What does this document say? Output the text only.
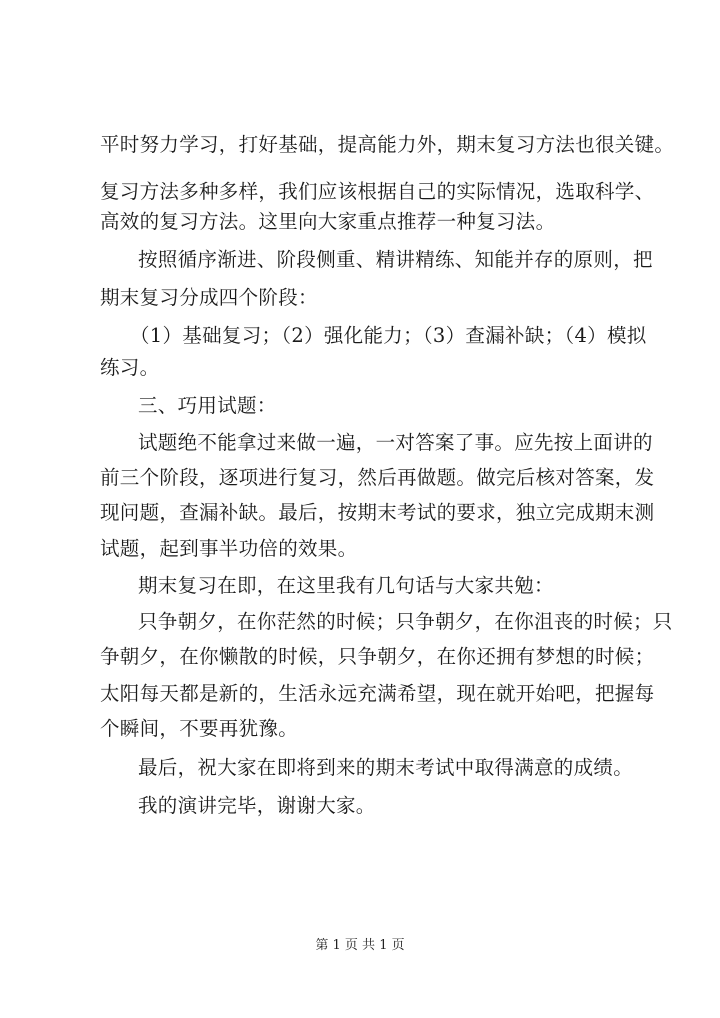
平时努力学习，打好基础，提高能力外，期末复习方法也很关键。
复习方法多种多样，我们应该根据自己的实际情况，选取科学、
高效的复习方法。这里向大家重点推荐一种复习法。
按照循序渐进、阶段侧重、精讲精练、知能并存的原则，把
期末复习分成四个阶段：
（1）基础复习；（2）强化能力；（3）查漏补缺；（4）模拟
练习。
三、巧用试题：
试题绝不能拿过来做一遍，一对答案了事。应先按上面讲的
前三个阶段，逐项进行复习，然后再做题。做完后核对答案，发
现问题，查漏补缺。最后，按期末考试的要求，独立完成期末测
试题，起到事半功倍的效果。
期末复习在即，在这里我有几句话与大家共勉：
只争朝夕，在你茫然的时候；只争朝夕，在你沮丧的时候；只
争朝夕，在你懒散的时候，只争朝夕，在你还拥有梦想的时候；
太阳每天都是新的，生活永远充满希望，现在就开始吧，把握每
个瞬间，不要再犹豫。
最后，祝大家在即将到来的期末考试中取得满意的成绩。
我的演讲完毕，谢谢大家。
第 1 页 共 1 页
